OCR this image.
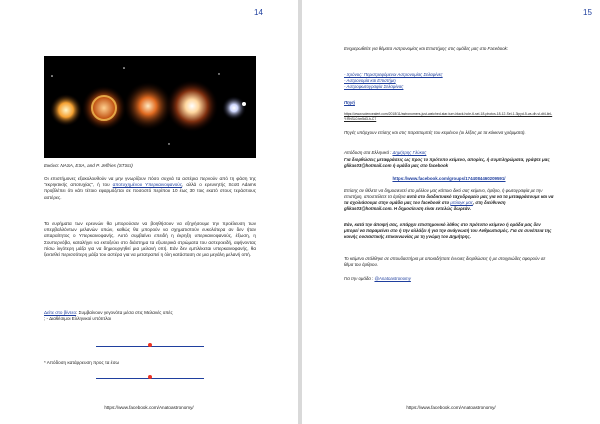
14
Εικόνα: NASA, ESA, and P. Jeffries (STScI)
Οι επιστήμονες εξακολουθούν να μην γνωρίζουν πόσο συχνά τα αστέρια περνούν από τη φάση της "εκρηκτικής αποτυχίας", ή του αποτυχημένου Υπερκαινοφανούς, αλλά ο ερευνητής Scott Adams προβλέπει ότι κάτι τέτοιο εφαρμόζεται σε ποσοστό περίπου 10 έως 30 τοις εκατό στους τεράστιους αστέρες.
Τα ευρήματα των ερευνών θα μπορούσαν να βοηθήσουν να εξηγήσουμε την προέλευση των υπερβαλλόντων μελανών οπών, καθώς θα μπορούν να σχηματιστούν ευκολότερα αν δεν ήταν απαραίτητος ο Υπερκαινοφανής. Αυτό συμβαίνει επειδή η έκρηξη υπερκαινοφανούς, έξωση, η Σουπερνόβα, καταλήγει να εκτοξεύει στο διάστημα τα εξωτερικά στρώματα του αστεροειδή, αφήνοντας πίσω λιγότερη μάζα για να δημιουργηθεί μια μελανή οπή. Εάν δεν εμπλέκεται υπερκαινοφανής, θα ξεκτεθεί περισσότερη μάζα του αστέρα για να μετατραπεί η όλη κατάσταση σε μια μεγάλη μελανή οπή.
Δείτε στο βίντεο: Συμβαίνουν γεγονότα μέσα στις Μελανές οπές
; - Διαθέσιμοι Ελληνικοί υπότιτλοι
* Απόδοση κατάρρευση προς τα έσω
https://www.facebook.com/Anatoastronomy/
15
Ενημερωθείτε για θέματα Αστρονομίας και Επιστήμης στις ομάδες μας στο Facebook:
- Χρόνος: Περιστρεφόμενοι Αστρονομίας Σελαφίνες
- Αστρονομία και Επιστήμη
- Αστροφωτογραφία Σελαφίνας
Πηγή
https://www.sciencealert.com/2018/11/astronomers-just-watched-star-turn-black-hole-6-sei-18-photos-18-12-Sel-1-3ipyd-5-va-dh-vl-dt4-ilnLY:RhSL0.tm5d3-h-C7
Πηγές υπάρχουν επίσης και στις παραπομπές του κειμένου (οι λέξεις με τα κόκκινα γράμματα).
Απόδοση στα Ελληνικά : Δημήτρης Γλύκας
Για διορθώσεις μεταφράσεις ως προς το πρότυπο κείμενο, απορίες, ή συμπληρώματα, γράψτε μας glikas03@hotmail.com ή ομάδα μας στο facebook
https://www.facebook.com/groups/1744084460209591/
Επίσης αν θέλετε να δημοσιευτεί στο μέλλον μας κάποιο δικό σας κείμενο, άρθρο, ή φωτογραφία με την επιστήμη, αποστείλετε τα άρθρα αυτά στο διαδικτυακό ταχυδρομείο μας για να τα μεταφράσουμε και να τα σχολιάσουμε στην ομάδα μας του facebook στο μπλογκ μας, στη διεύθυνση glikas03@hotmail.com. Η δημοσίευση είναι εντελώς δωρεάν.
Εάν, κατά την άποψή σας, υπάρχει επιστημονικό λάθος στο πρότυπο κείμενο ή ομάδα μας δεν μπορεί να παραμείνει στο ή την αλλάξει ή για την ανάγνωσή του Ανθρωπισμός. Για σε συνέπεια της κοινής ουσιαστικής επικοινωνίας με τη γνώμη του Δημήτρης.
Το κείμενο στάλθηκε σε σπουδαστήρια με οποιαδήποτε έννοιες διορθώσεις ή με στοιχειώδες αφορούν σε θέμα του άρθρου.
Για την ομάδα : @Anatoastronomy
https://www.facebook.com/Anatoastronomy/
